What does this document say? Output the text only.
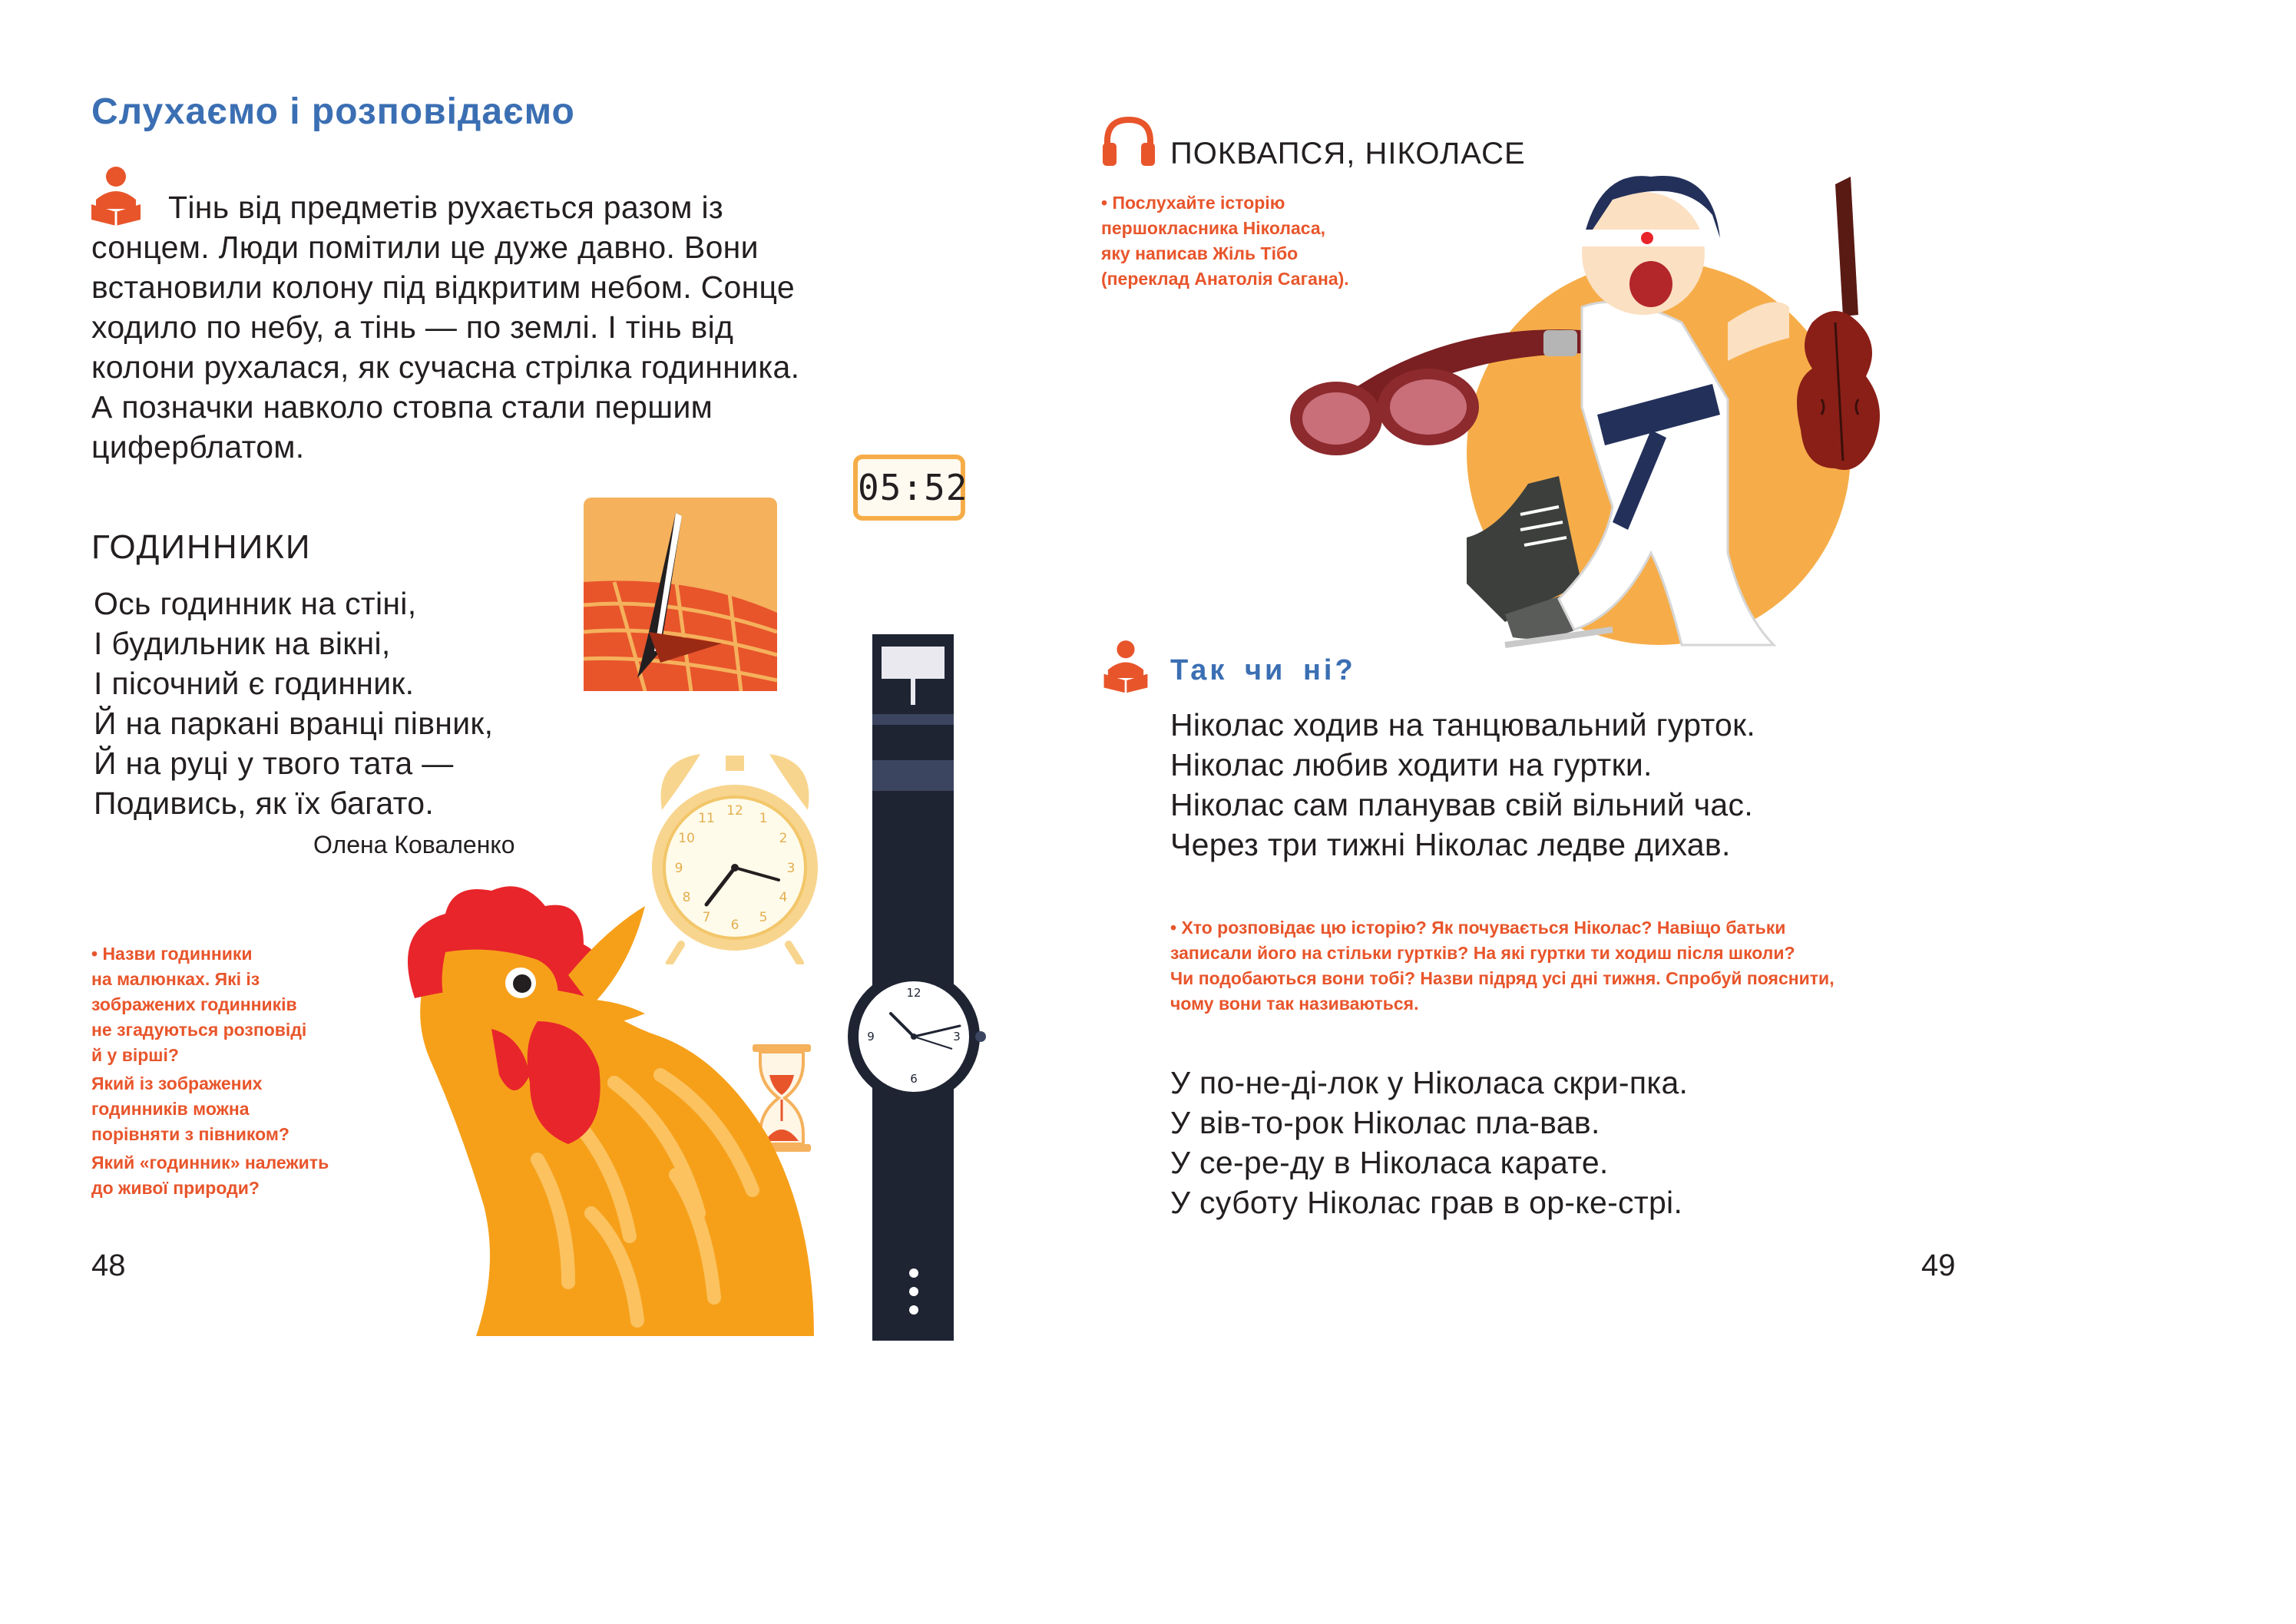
Слухаємо і розповідаємо

Тінь від предметів рухається разом із

сонцем. Люди помітили це дуже давно. Вони

встановили колону під відкритим небом. Сонце

ходило по небу, а тінь — по землі. І тінь від

колони рухалася, як сучасна стрілка годинника.

А позначки навколо стовпа стали першим

циферблатом.

05:52
ГОДИННИКИ

Ось годинник на стіні,

І будильник на вікні,

І пісочний є годинник.

Й на паркані вранці півник,

Й на руці у твого тата —

Подивись, як їх багато.

Олена Коваленко
12 1
2
3
4
5
6
7
8
9
10
11
12
3
6
9

• Назви годинники

на малюнках. Які із

зображених годинників

не згадуються розповіді

й у вірші?

Який із зображених

годинників можна

порівняти з півником?

Який «годинник» належить

до живої природи?

48
ПОКВАПСЯ, НІКОЛАСЕ

• Послухайте історію

першокласника Ніколаса,

яку написав Жіль Тібо

(переклад Анатолія Сагана).

Так чи ні?

Ніколас ходив на танцювальний гурток.

Ніколас любив ходити на гуртки.

Ніколас сам планував свій вільний час.

Через три тижні Ніколас ледве дихав.

• Хто розповідає цю історію? Як почувається Ніколас? Навіщо батьки

записали його на стільки гуртків? На які гуртки ти ходиш після школи?

Чи подобаються вони тобі? Назви підряд усі дні тижня. Спробуй пояснити,

чому вони так називаються.

У по-не-ді-лок у Ніколаса скри-пка.

У вів-то-рок Ніколас пла-вав.

У се-ре-ду в Ніколаса карате.

У суботу Ніколас грав в ор-ке-стрі.

49
